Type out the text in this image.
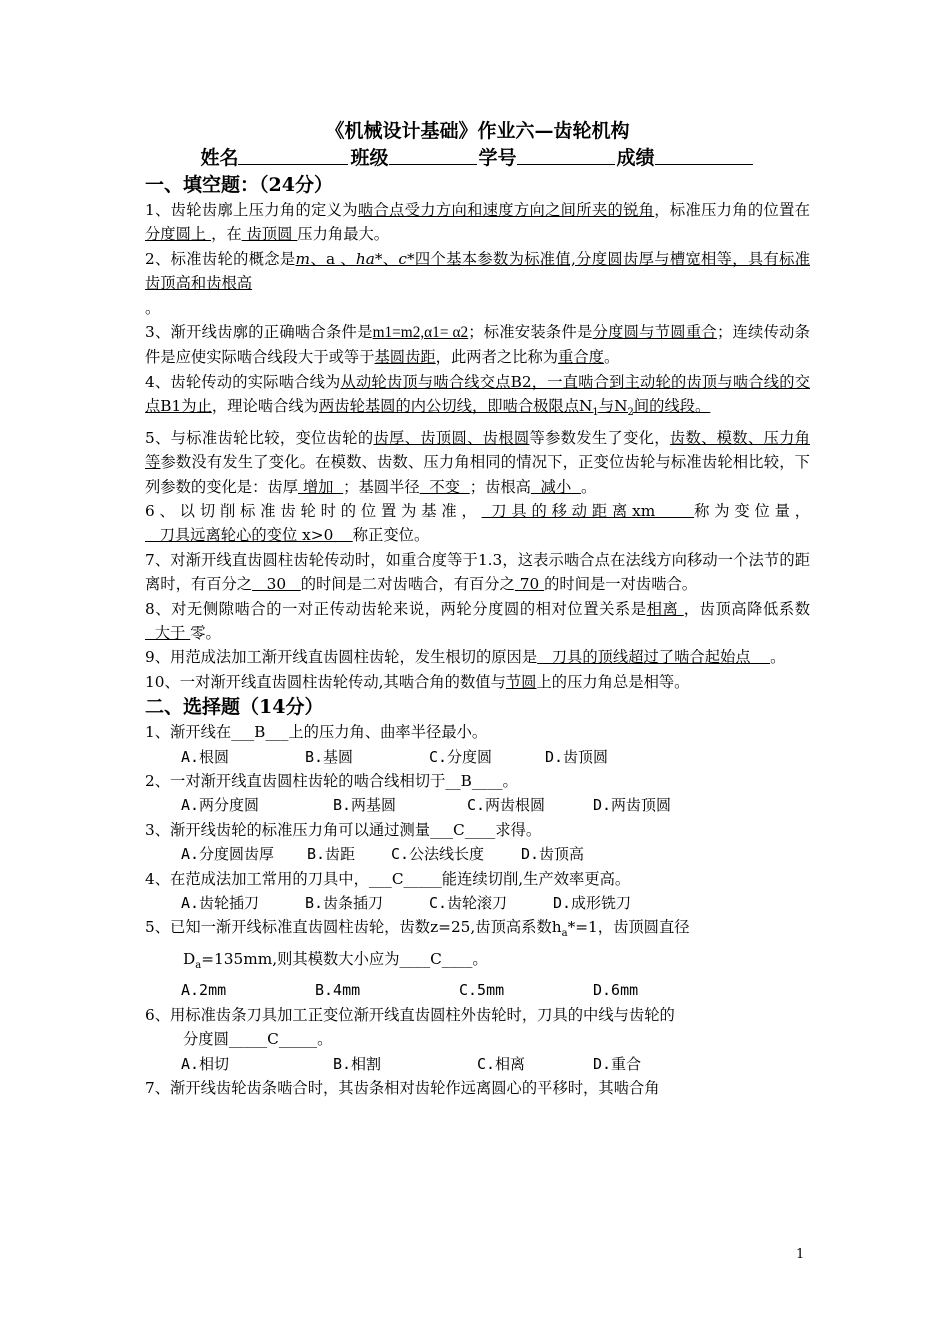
《机械设计基础》作业六—齿轮机构

姓名	班级	学号	成绩

一、填空题：（24分）

1、齿轮齿廓上压力角的定义为啮合点受力方向和速度方向之间所夹的锐角，标准压力角的位置在 分度圆上 ，在 齿顶圆 压力角最大。

2、标准齿轮的概念是m、a 、ha*、c*四个基本参数为标准值,分度圆齿厚与槽宽相等，具有标准齿顶高和齿根高
。

3、渐开线齿廓的正确啮合条件是m1=m2,α1= α2；标准安装条件是分度圆与节圆重合；连续传动条件是应使实际啮合线段大于或等于基圆齿距，此两者之比称为重合度。

4、齿轮传动的实际啮合线为从动轮齿顶与啮合线交点B2，一直啮合到主动轮的齿顶与啮合线的交点B1为止，理论啮合线为两齿轮基圆的内公切线，即啮合极限点$N_1$与$N_2$间的线段。

5、与标准齿轮比较，变位齿轮的齿厚、齿顶圆、齿根圆等参数发生了变化，齿数、模数、压力角等参数没有发生了变化。在模数、齿数、压力角相同的情况下，正变位齿轮与标准齿轮相比较，下列参数的变化是：齿厚 增加  ；基圆半径  不变  ；齿根高  减小  。

6、以切削标准齿轮时的位置为基准， 刀具的移动距离xm    称为变位量，   刀具远离轮心的变位 x>0    称正变位。

7、对渐开线直齿圆柱齿轮传动时，如重合度等于1.3，这表示啮合点在法线方向移动一个法节的距离时，有百分之   30   的时间是二对齿啮合，有百分之 70 的时间是一对齿啮合。

8、对无侧隙啮合的一对正传动齿轮来说，两轮分度圆的相对位置关系是相离 ，齿顶高降低系数  大于 零。

9、用范成法加工渐开线直齿圆柱齿轮，发生根切的原因是   刀具的顶线超过了啮合起始点    。

10、一对渐开线直齿圆柱齿轮传动,其啮合角的数值与节圆上的压力角总是相等。

二、选择题（14分）

1、渐开线在___B___上的压力角、曲率半径最小。

A.根圆	B.基圆	C.分度圆	D.齿顶圆

2、一对渐开线直齿圆柱齿轮的啮合线相切于__B____。

A.两分度圆	B.两基圆	C.两齿根圆	D.两齿顶圆

3、渐开线齿轮的标准压力角可以通过测量___C____求得。

A.分度圆齿厚	B.齿距	C.公法线长度	D.齿顶高

4、在范成法加工常用的刀具中，___C_____能连续切削,生产效率更高。

A.齿轮插刀	B.齿条插刀	C.齿轮滚刀	D.成形铣刀

5、已知一渐开线标准直齿圆柱齿轮，齿数z=25,齿顶高系数$h_a*=1$，齿顶圆直径

$D_a=135mm$,则其模数大小应为____C____。

A.2mm	B.4mm	C.5mm	D.6mm

6、用标准齿条刀具加工正变位渐开线直齿圆柱外齿轮时，刀具的中线与齿轮的

分度圆_____C_____。

A.相切	B.相割	C.相离	D.重合

7、渐开线齿轮齿条啮合时，其齿条相对齿轮作远离圆心的平移时，其啮合角

1
